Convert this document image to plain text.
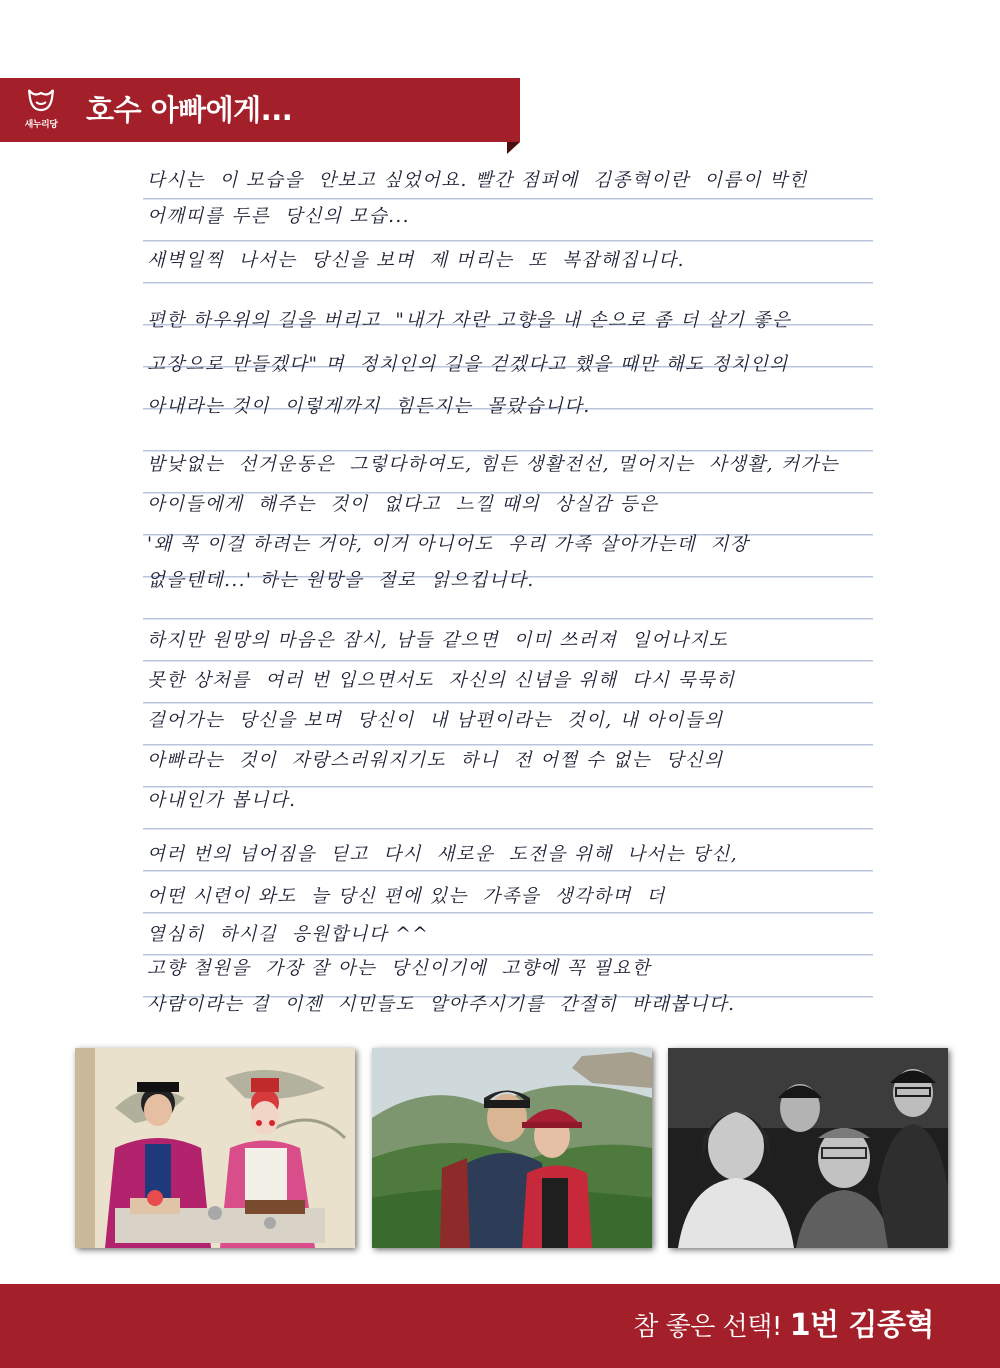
새누리당 호수 아빠에게...
다시는  이 모습을  안보고 싶었어요. 빨간 점퍼에  김종혁이란  이름이 박힌
어깨띠를 두른  당신의 모습...
새벽일찍  나서는  당신을 보며  제 머리는  또  복잡해집니다.
편한 하우위의 길을 버리고  "내가 자란 고향을 내 손으로 좀 더 살기 좋은
고장으로 만들겠다" 며  정치인의 길을 걷겠다고 했을 때만 해도 정치인의
아내라는 것이  이렇게까지  힘든지는  몰랐습니다.
밤낮없는  선거운동은  그렇다하여도, 힘든 생활전선, 멀어지는  사생활, 커가는
아이들에게  해주는  것이  없다고  느낄 때의  상실감 등은
'왜 꼭 이걸 하려는 거야, 이거 아니어도  우리 가족 살아가는데  지장
없을텐데...' 하는 원망을  절로  읽으킵니다.
하지만 원망의 마음은 잠시, 남들 같으면  이미 쓰러져  일어나지도
못한 상처를  여러 번 입으면서도  자신의 신념을 위해  다시 묵묵히
걸어가는  당신을 보며  당신이  내 남편이라는  것이, 내 아이들의
아빠라는  것이  자랑스러워지기도  하니  전 어쩔 수 없는  당신의
아내인가 봅니다.
여러 번의 넘어짐을  딛고  다시  새로운  도전을 위해  나서는 당신,
어떤 시련이 와도  늘 당신 편에 있는  가족을  생각하며  더
열심히  하시길  응원합니다 ^^
고향 철원을  가장 잘 아는  당신이기에  고향에 꼭 필요한
사람이라는 걸  이젠  시민들도  알아주시기를  간절히  바래봅니다.
참 좋은 선택! 1번 김종혁
